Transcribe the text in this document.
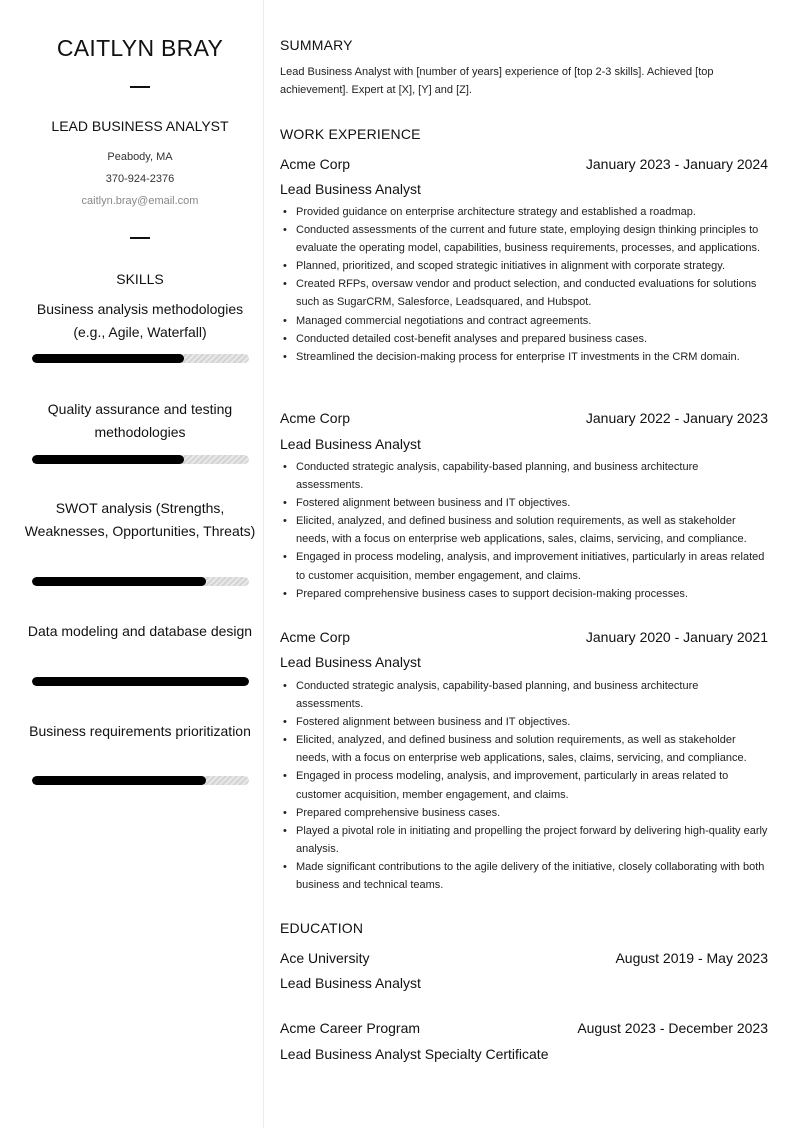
CAITLYN BRAY
LEAD BUSINESS ANALYST
Peabody, MA
370-924-2376
caitlyn.bray@email.com
SKILLS
Business analysis methodologies (e.g., Agile, Waterfall)
Quality assurance and testing methodologies
SWOT analysis (Strengths, Weaknesses, Opportunities, Threats)
Data modeling and database design
Business requirements prioritization
SUMMARY
Lead Business Analyst with [number of years] experience of [top 2-3 skills]. Achieved [top achievement]. Expert at [X], [Y] and [Z].
WORK EXPERIENCE
Acme Corp	January 2023 - January 2024
Lead Business Analyst
• Provided guidance on enterprise architecture strategy and established a roadmap.
• Conducted assessments of the current and future state, employing design thinking principles to evaluate the operating model, capabilities, business requirements, processes, and applications.
• Planned, prioritized, and scoped strategic initiatives in alignment with corporate strategy.
• Created RFPs, oversaw vendor and product selection, and conducted evaluations for solutions such as SugarCRM, Salesforce, Leadsquared, and Hubspot.
• Managed commercial negotiations and contract agreements.
• Conducted detailed cost-benefit analyses and prepared business cases.
• Streamlined the decision-making process for enterprise IT investments in the CRM domain.
Acme Corp	January 2022 - January 2023
Lead Business Analyst
• Conducted strategic analysis, capability-based planning, and business architecture assessments.
• Fostered alignment between business and IT objectives.
• Elicited, analyzed, and defined business and solution requirements, as well as stakeholder needs, with a focus on enterprise web applications, sales, claims, servicing, and compliance.
• Engaged in process modeling, analysis, and improvement initiatives, particularly in areas related to customer acquisition, member engagement, and claims.
• Prepared comprehensive business cases to support decision-making processes.
Acme Corp	January 2020 - January 2021
Lead Business Analyst
• Conducted strategic analysis, capability-based planning, and business architecture assessments.
• Fostered alignment between business and IT objectives.
• Elicited, analyzed, and defined business and solution requirements, as well as stakeholder needs, with a focus on enterprise web applications, sales, claims, servicing, and compliance.
• Engaged in process modeling, analysis, and improvement, particularly in areas related to customer acquisition, member engagement, and claims.
• Prepared comprehensive business cases.
• Played a pivotal role in initiating and propelling the project forward by delivering high-quality early analysis.
• Made significant contributions to the agile delivery of the initiative, closely collaborating with both business and technical teams.
EDUCATION
Ace University	August 2019 - May 2023
Lead Business Analyst
Acme Career Program	August 2023 - December 2023
Lead Business Analyst Specialty Certificate
